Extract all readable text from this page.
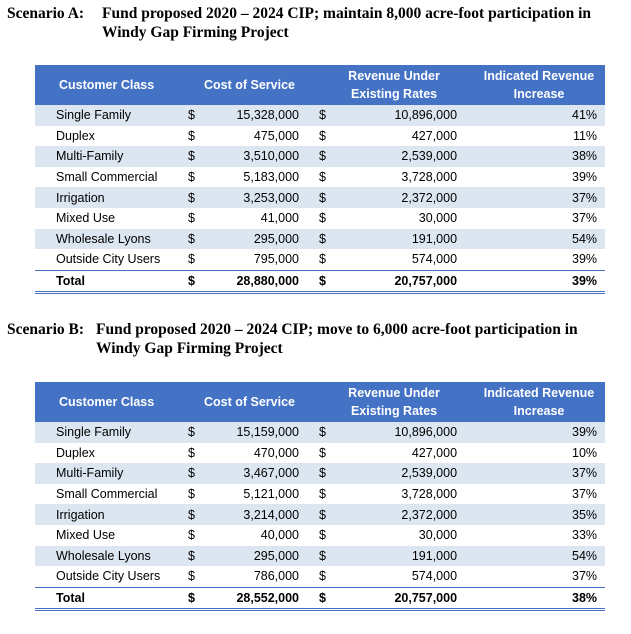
Scenario A: Fund proposed 2020 – 2024 CIP; maintain 8,000 acre-foot participation in
Windy Gap Firming Project
Customer Class	Cost of Service		Revenue Under
Existing Rates		Indicated Revenue
Increase
Single Family	$	15,328,000	$	10,896,000	41%
Duplex	$	475,000	$	427,000	11%
Multi-Family	$	3,510,000	$	2,539,000	38%
Small Commercial	$	5,183,000	$	3,728,000	39%
Irrigation	$	3,253,000	$	2,372,000	37%
Mixed Use	$	41,000	$	30,000	37%
Wholesale Lyons	$	295,000	$	191,000	54%
Outside City Users	$	795,000	$	574,000	39%
Total	$	28,880,000	$	20,757,000	39%
Scenario B: Fund proposed 2020 – 2024 CIP; move to 6,000 acre-foot participation in
Windy Gap Firming Project
Customer Class	Cost of Service		Revenue Under
Existing Rates		Indicated Revenue
Increase
Single Family	$	15,159,000	$	10,896,000	39%
Duplex	$	470,000	$	427,000	10%
Multi-Family	$	3,467,000	$	2,539,000	37%
Small Commercial	$	5,121,000	$	3,728,000	37%
Irrigation	$	3,214,000	$	2,372,000	35%
Mixed Use	$	40,000	$	30,000	33%
Wholesale Lyons	$	295,000	$	191,000	54%
Outside City Users	$	786,000	$	574,000	37%
Total	$	28,552,000	$	20,757,000	38%
